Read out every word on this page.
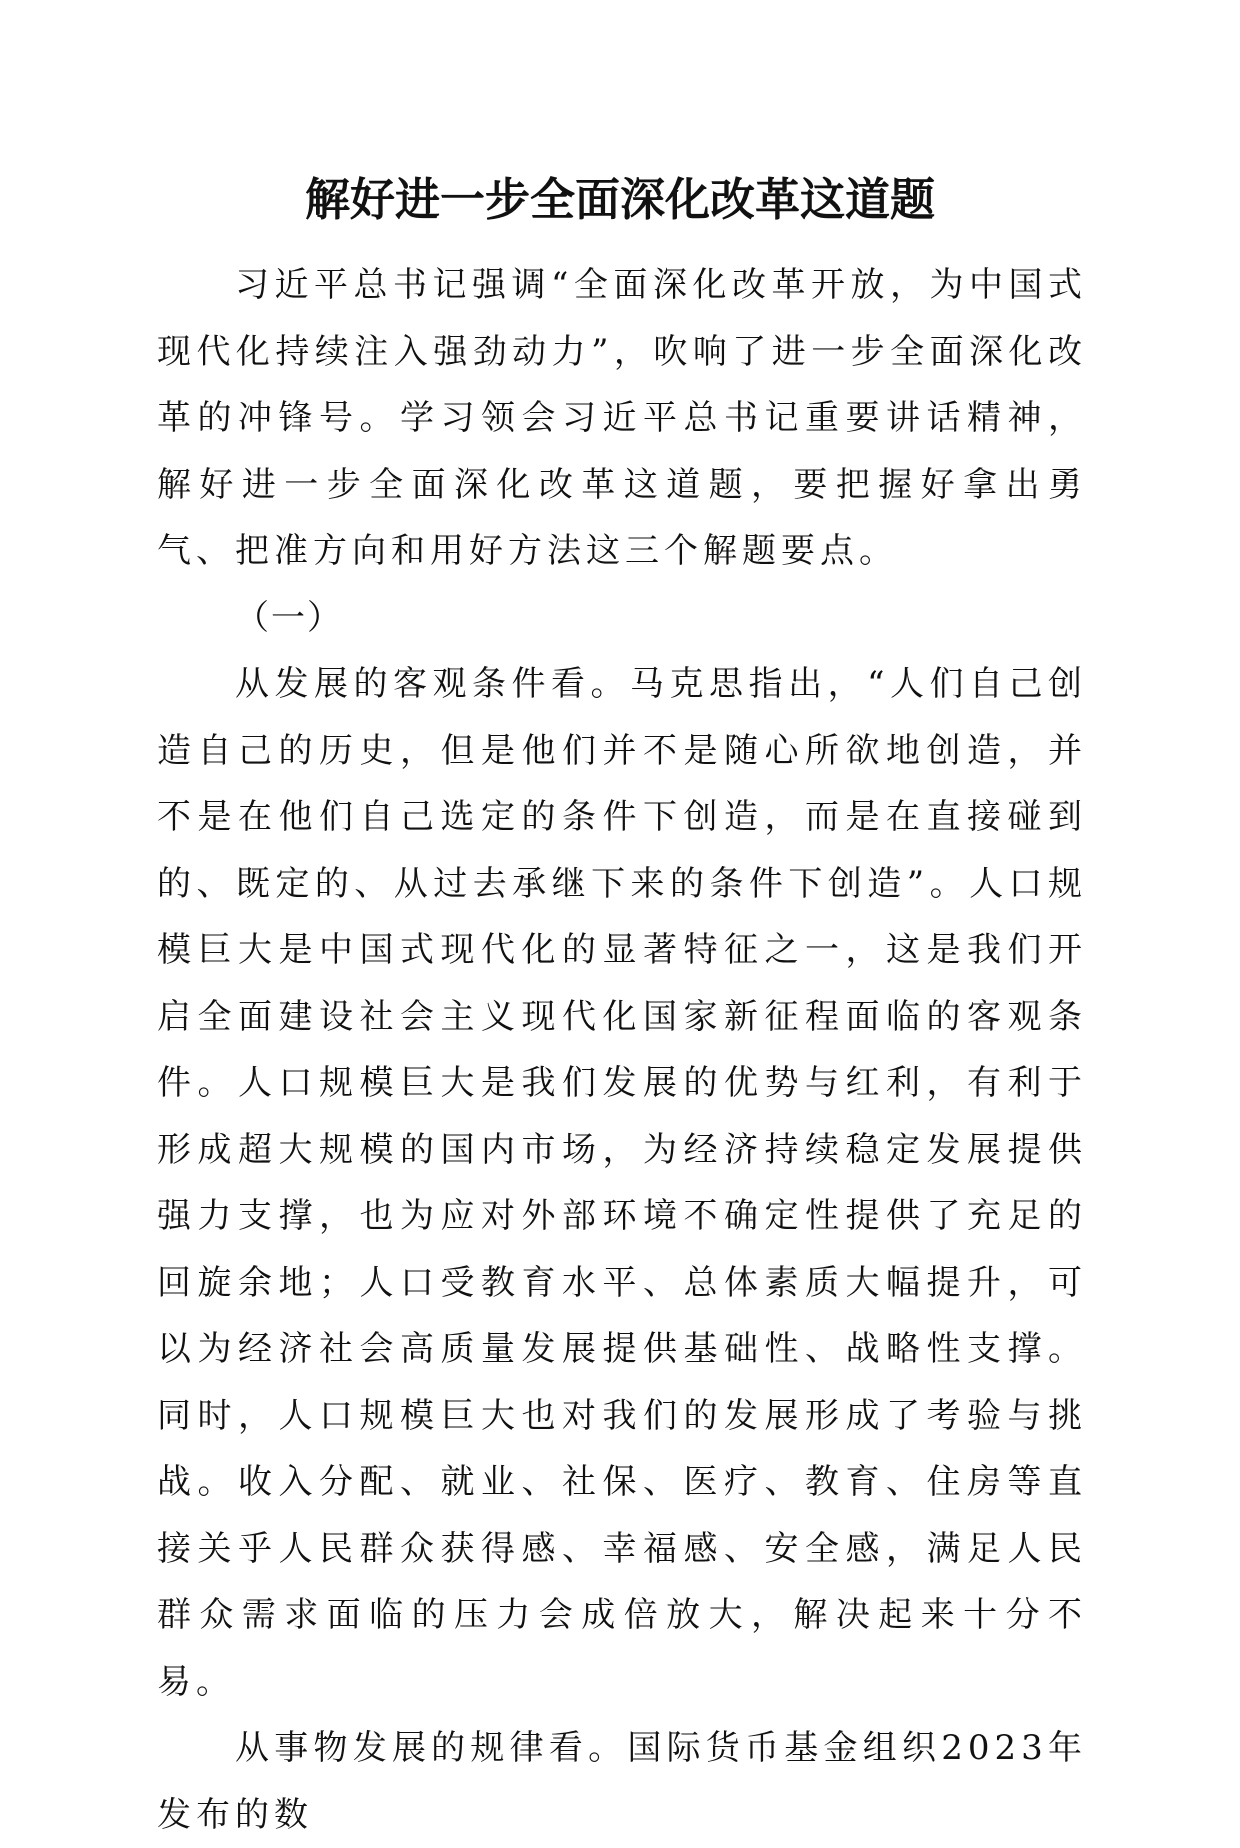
解好进一步全面深化改革这道题

习近平总书记强调“全面深化改革开放，为中国式现代化持续注入强劲动力”，吹响了进一步全面深化改革的冲锋号。学习领会习近平总书记重要讲话精神，解好进一步全面深化改革这道题，要把握好拿出勇气、把准方向和用好方法这三个解题要点。

（一）

从发展的客观条件看。马克思指出，“人们自己创造自己的历史，但是他们并不是随心所欲地创造，并不是在他们自己选定的条件下创造，而是在直接碰到的、既定的、从过去承继下来的条件下创造”。人口规模巨大是中国式现代化的显著特征之一，这是我们开启全面建设社会主义现代化国家新征程面临的客观条件。人口规模巨大是我们发展的优势与红利，有利于形成超大规模的国内市场，为经济持续稳定发展提供强力支撑，也为应对外部环境不确定性提供了充足的回旋余地；人口受教育水平、总体素质大幅提升，可以为经济社会高质量发展提供基础性、战略性支撑。同时，人口规模巨大也对我们的发展形成了考验与挑战。收入分配、就业、社保、医疗、教育、住房等直接关乎人民群众获得感、幸福感、安全感，满足人民群众需求面临的压力会成倍放大，解决起来十分不易。

从事物发展的规律看。国际货币基金组织2023年发布的数
